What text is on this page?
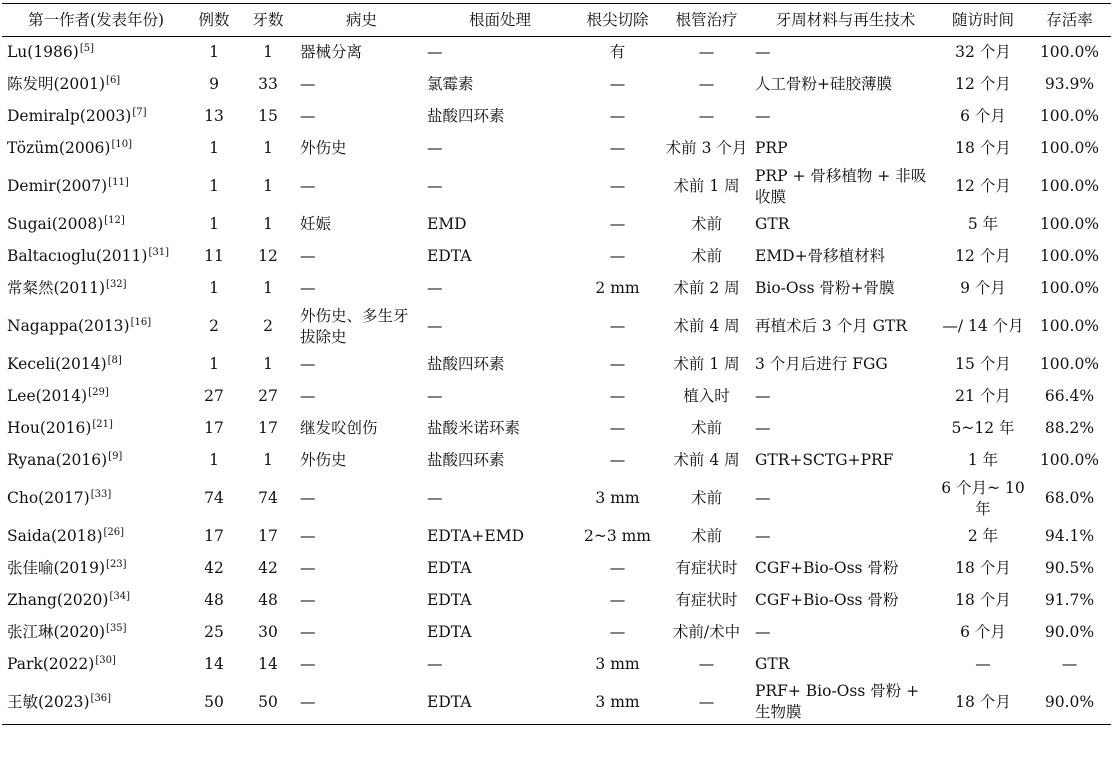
第一作者(发表年份)	例数	牙数	病史	根面处理	根尖切除	根管治疗	牙周材料与再生技术	随访时间	存活率
Lu(1986)[5]	1	1	器械分离	—	有	—	—	32 个月	100.0%
陈发明(2001)[6]	9	33	—	氯霉素	—	—	人工骨粉+硅胶薄膜	12 个月	93.9%
Demiralp(2003)[7]	13	15	—	盐酸四环素	—	—	—	6 个月	100.0%
Tözüm(2006)[10]	1	1	外伤史	—	—	术前 3 个月	PRP	18 个月	100.0%
Demir(2007)[11]	1	1	—	—	—	术前 1 周	PRP + 骨移植物 + 非吸收膜	12 个月	100.0%
Sugai(2008)[12]	1	1	妊娠	EMD	—	术前	GTR	5 年	100.0%
Baltacıoglu(2011)[31]	11	12	—	EDTA	—	术前	EMD+骨移植材料	12 个月	100.0%
常粲然(2011)[32]	1	1	—	—	2 mm	术前 2 周	Bio-Oss 骨粉+骨膜	9 个月	100.0%
Nagappa(2013)[16]	2	2	外伤史、多生牙拔除史	—	—	术前 4 周	再植术后 3 个月 GTR	—/ 14 个月	100.0%
Keceli(2014)[8]	1	1	—	盐酸四环素	—	术前 1 周	3 个月后进行 FGG	15 个月	100.0%
Lee(2014)[29]	27	27	—	—	—	植入时	—	21 个月	66.4%
Hou(2016)[21]	17	17	继发㕮创伤	盐酸米诺环素	—	术前	—	5~12 年	88.2%
Ryana(2016)[9]	1	1	外伤史	盐酸四环素	—	术前 4 周	GTR+SCTG+PRF	1 年	100.0%
Cho(2017)[33]	74	74	—	—	3 mm	术前	—	6 个月~ 10 年	68.0%
Saida(2018)[26]	17	17	—	EDTA+EMD	2~3 mm	术前	—	2 年	94.1%
张佳喻(2019)[23]	42	42	—	EDTA	—	有症状时	CGF+Bio-Oss 骨粉	18 个月	90.5%
Zhang(2020)[34]	48	48	—	EDTA	—	有症状时	CGF+Bio-Oss 骨粉	18 个月	91.7%
张江琳(2020)[35]	25	30	—	EDTA	—	术前/术中	—	6 个月	90.0%
Park(2022)[30]	14	14	—	—	3 mm	—	GTR	—	—
王敏(2023)[36]	50	50	—	EDTA	3 mm	—	PRF+ Bio-Oss 骨粉 + 生物膜	18 个月	90.0%
